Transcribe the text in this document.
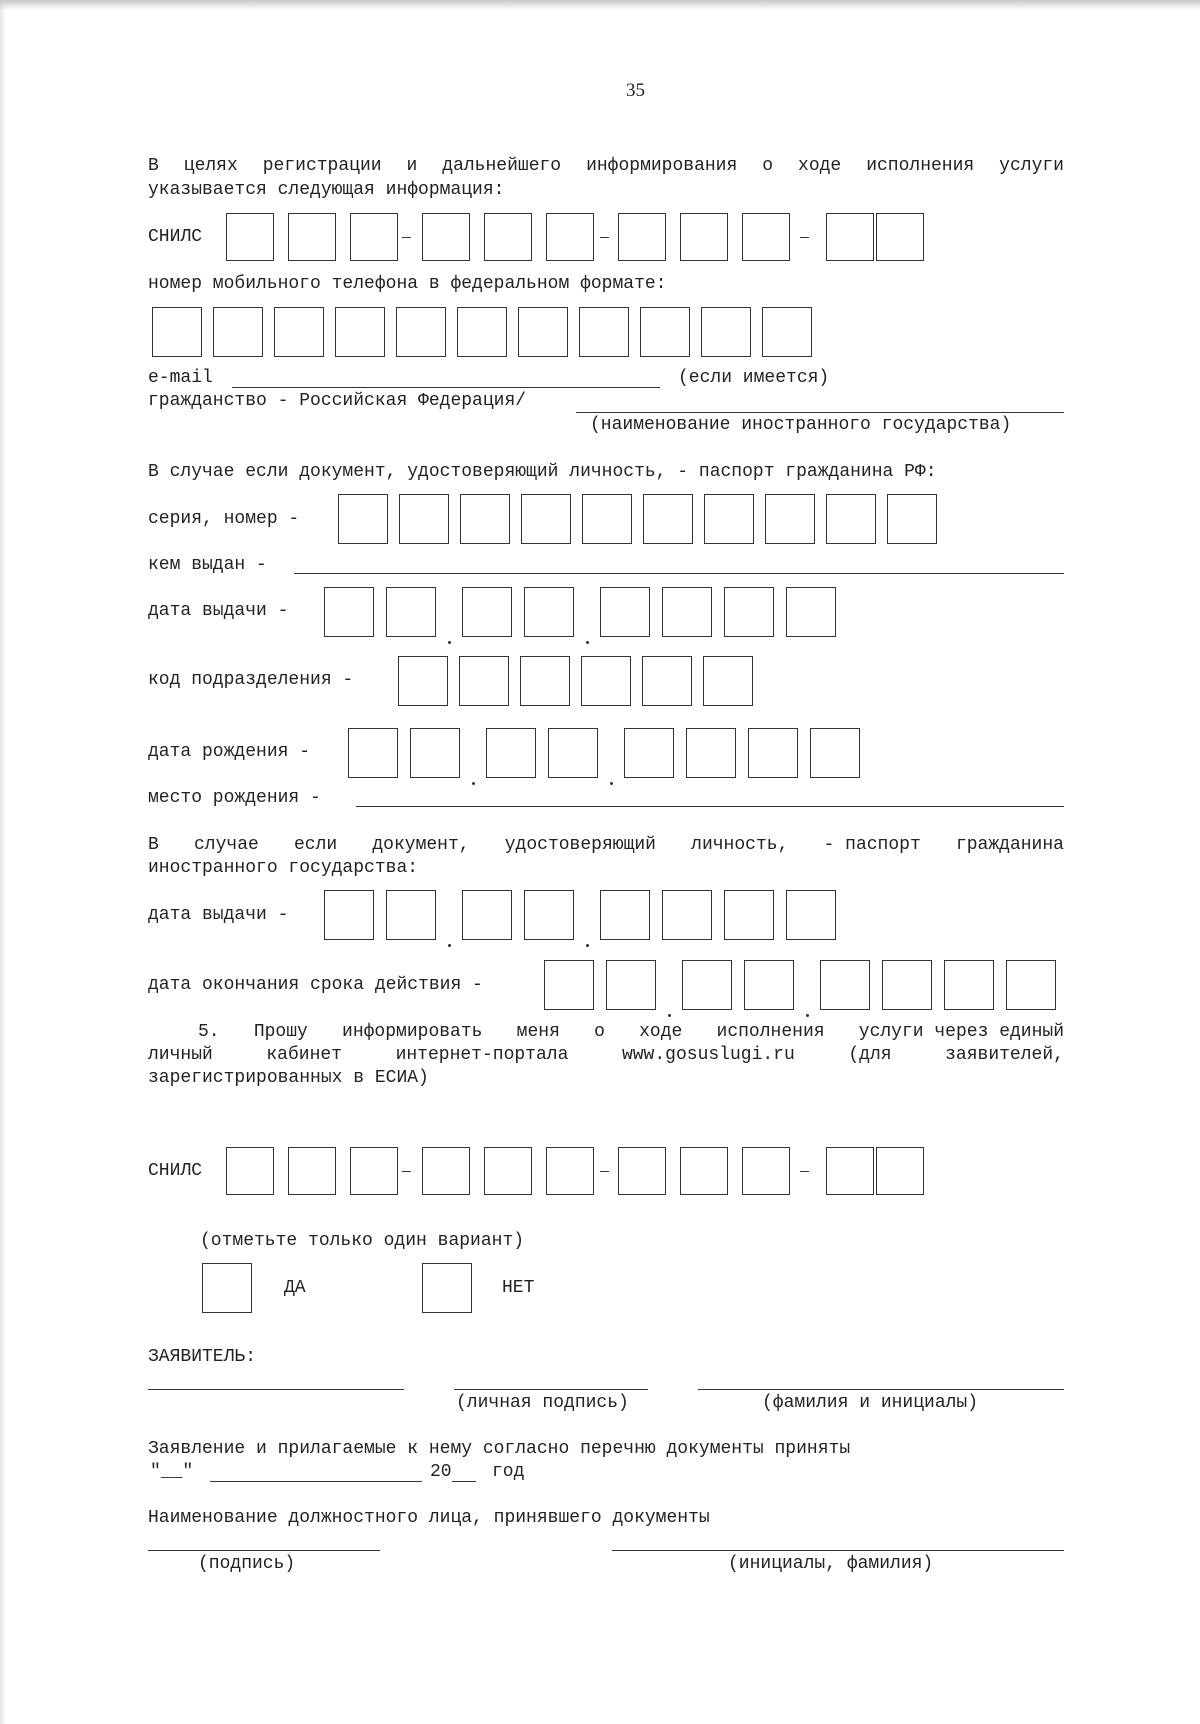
35
В целях регистрации и дальнейшего информирования о ходе исполнения услуги
указывается следующая информация:
СНИЛС
номер мобильного телефона в федеральном формате:
e-mail	(если имеется)
гражданство - Российская Федерация/
(наименование иностранного государства)
В случае если документ, удостоверяющий личность, - паспорт гражданина РФ:
серия, номер -
кем выдан -
дата выдачи -
код подразделения -
дата рождения -
место рождения -
В случае если документ, удостоверяющий личность, - паспорт гражданина
иностранного государства:
дата выдачи -
дата окончания срока действия -
5. Прошу информировать меня о ходе исполнения услуги через единый
личный	кабинет	интернет-портала	www.gosuslugi.ru	(для	заявителей,
зарегистрированных в ЕСИА)
СНИЛС
(отметьте только один вариант)
ДА	НЕТ
ЗАЯВИТЕЛЬ:
(личная подпись)	(фамилия и инициалы)
Заявление и прилагаемые к нему согласно перечню документы приняты
"__"	20 год
Наименование должностного лица, принявшего документы
(подпись)	(инициалы, фамилия)
